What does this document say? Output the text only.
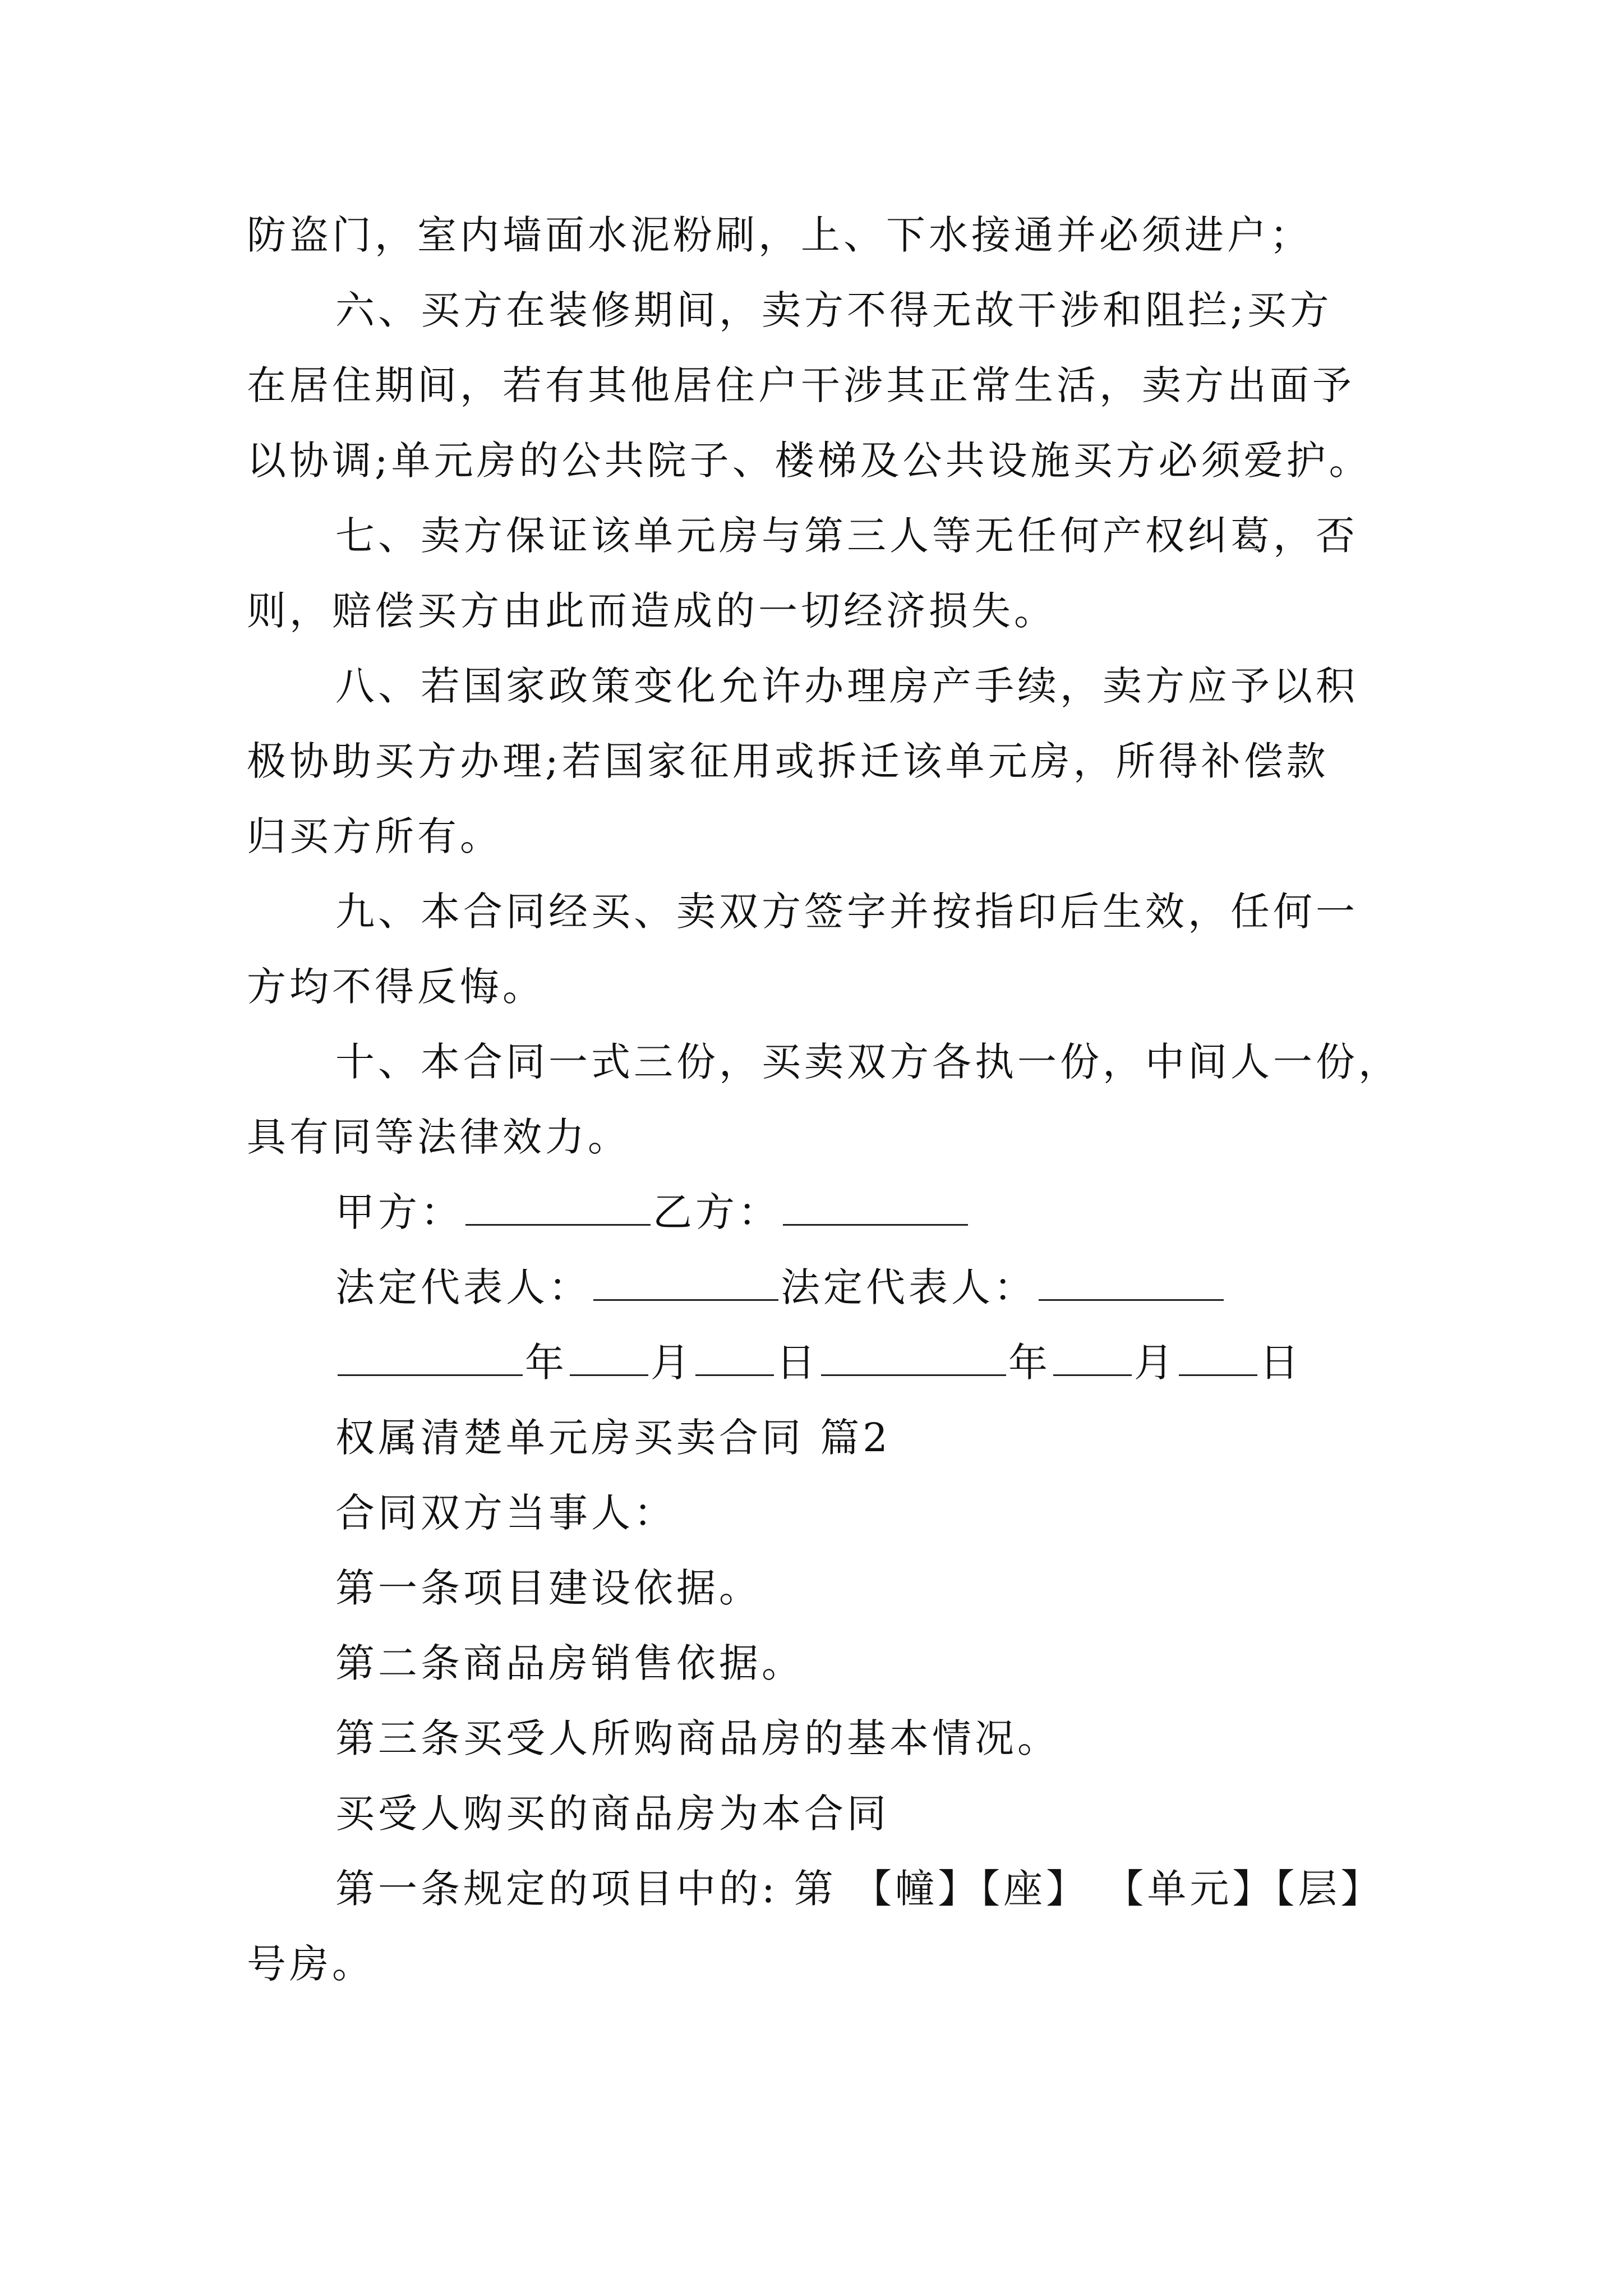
防盗门，室内墙面水泥粉刷，上、下水接通并必须进户；
六、买方在装修期间，卖方不得无故干涉和阻拦;买方
在居住期间，若有其他居住户干涉其正常生活，卖方出面予
以协调;单元房的公共院子、楼梯及公共设施买方必须爱护。
七、卖方保证该单元房与第三人等无任何产权纠葛，否
则，赔偿买方由此而造成的一切经济损失。
八、若国家政策变化允许办理房产手续，卖方应予以积
极协助买方办理;若国家征用或拆迁该单元房，所得补偿款
归买方所有。
九、本合同经买、卖双方签字并按指印后生效，任何一
方均不得反悔。
十、本合同一式三份，买卖双方各执一份，中间人一份，
具有同等法律效力。
甲方：	乙方：
法定代表人：	法定代表人：
年 月 日	年 月 日
权属清楚单元房买卖合同 篇2
合同双方当事人：
第一条项目建设依据。
第二条商品房销售依据。
第三条买受人所购商品房的基本情况。
买受人购买的商品房为本合同
第一条规定的项目中的: 第 【幢】【座】 【单元】【层】
号房。
